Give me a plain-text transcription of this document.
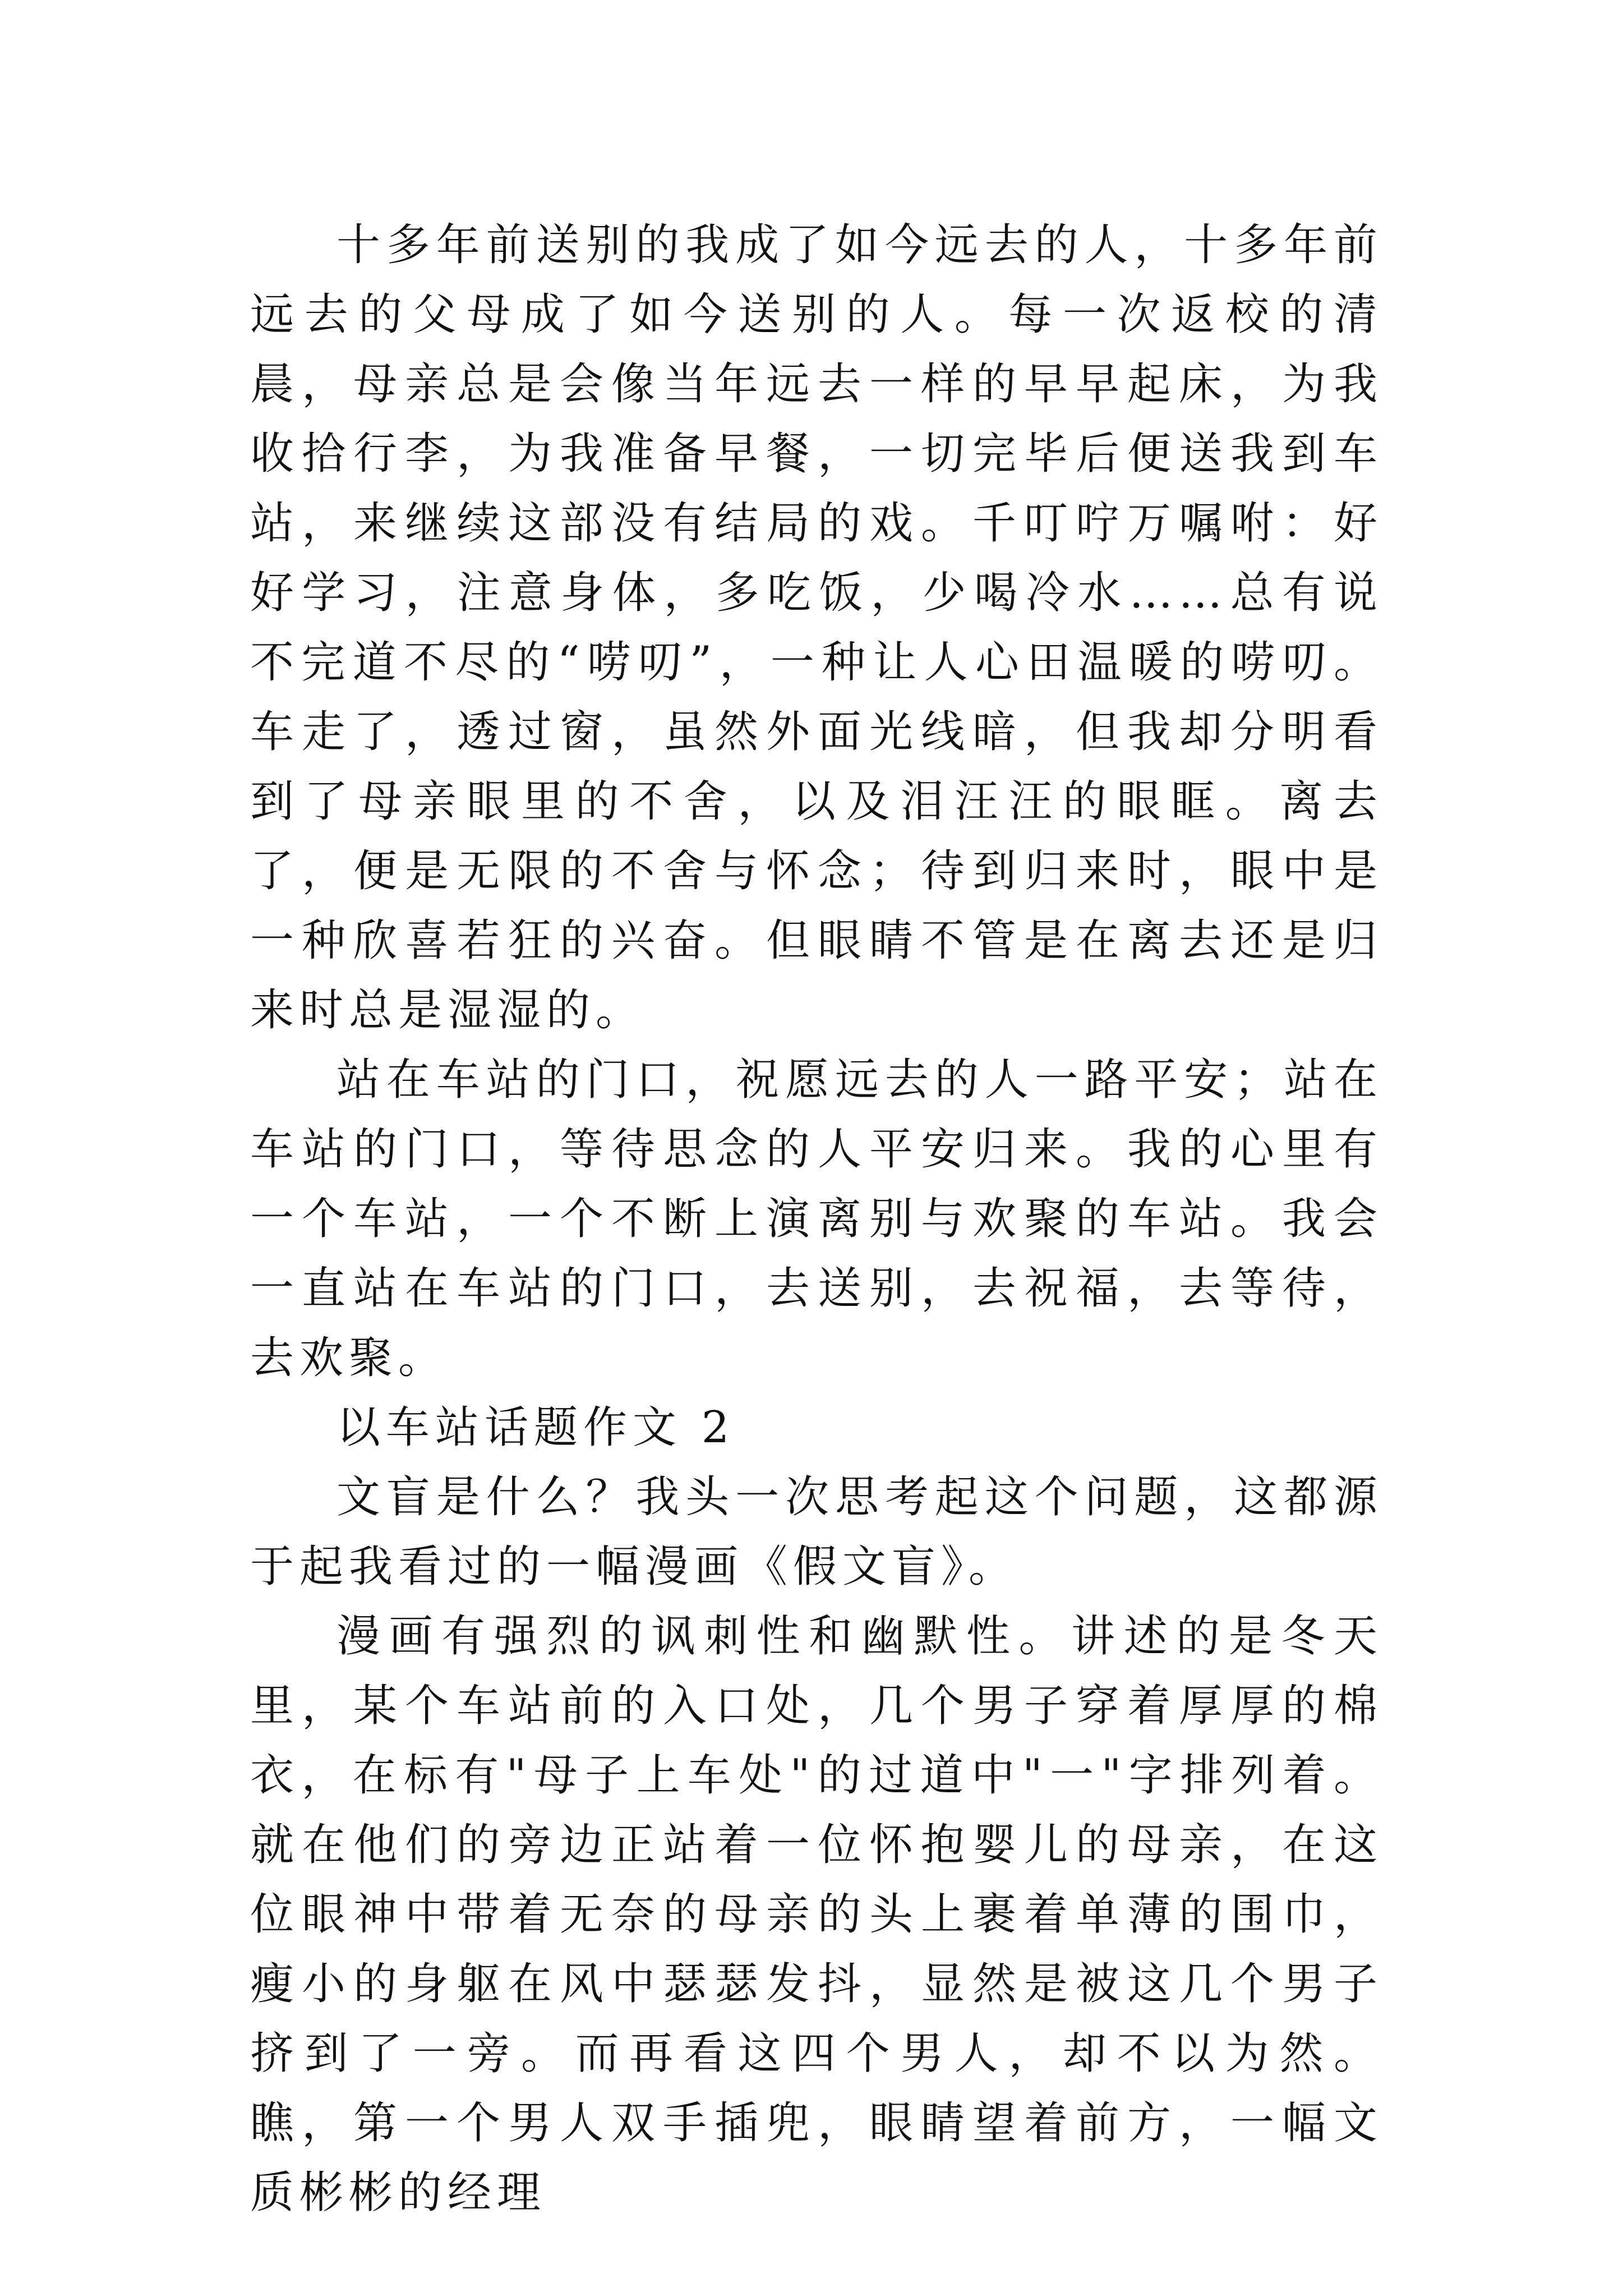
十多年前送别的我成了如今远去的人，十多年前远去的父母成了如今送别的人。每一次返校的清晨，母亲总是会像当年远去一样的早早起床，为我收拾行李，为我准备早餐，一切完毕后便送我到车站，来继续这部没有结局的戏。千叮咛万嘱咐：好好学习，注意身体，多吃饭，少喝冷水……总有说不完道不尽的“唠叨”，一种让人心田温暖的唠叨。车走了，透过窗，虽然外面光线暗，但我却分明看到了母亲眼里的不舍，以及泪汪汪的眼眶。离去了，便是无限的不舍与怀念；待到归来时，眼中是一种欣喜若狂的兴奋。但眼睛不管是在离去还是归来时总是湿湿的。

站在车站的门口，祝愿远去的人一路平安；站在车站的门口，等待思念的人平安归来。我的心里有一个车站，一个不断上演离别与欢聚的车站。我会一直站在车站的门口，去送别，去祝福，去等待，去欢聚。

以车站话题作文 2

文盲是什么？我头一次思考起这个问题，这都源于起我看过的一幅漫画《假文盲》。

漫画有强烈的讽刺性和幽默性。讲述的是冬天里，某个车站前的入口处，几个男子穿着厚厚的棉衣，在标有"母子上车处"的过道中"一"字排列着。就在他们的旁边正站着一位怀抱婴儿的母亲，在这位眼神中带着无奈的母亲的头上裹着单薄的围巾，瘦小的身躯在风中瑟瑟发抖，显然是被这几个男子挤到了一旁。而再看这四个男人，却不以为然。瞧，第一个男人双手插兜，眼睛望着前方，一幅文质彬彬的经理
